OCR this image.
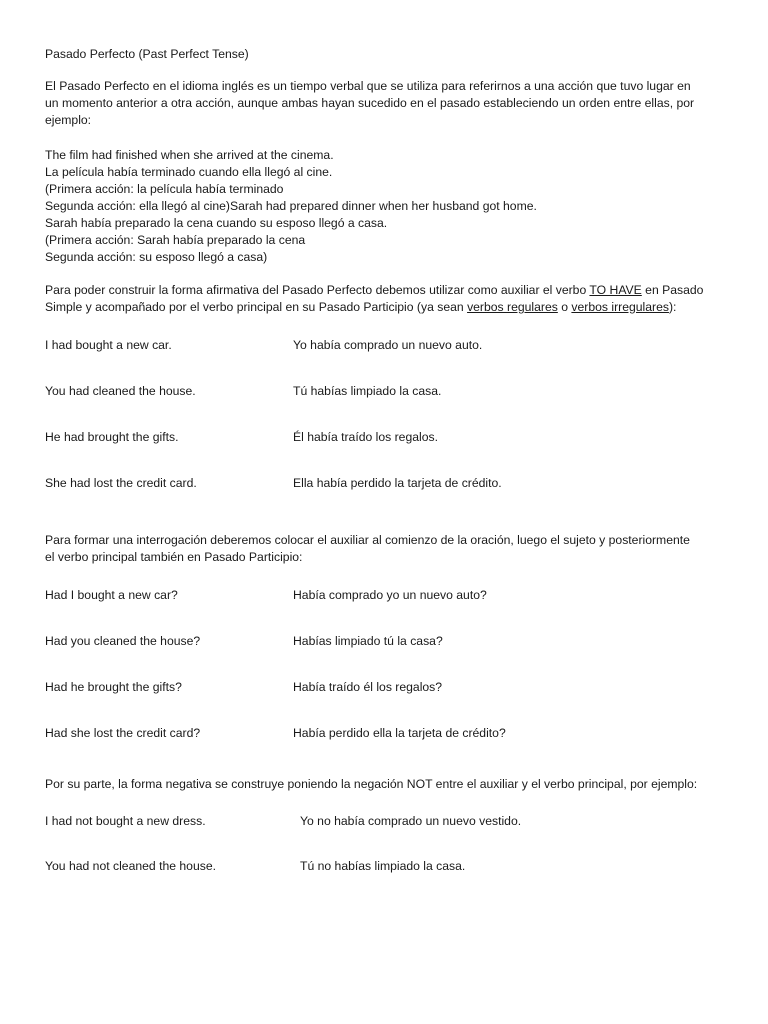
Pasado Perfecto (Past Perfect Tense)
El Pasado Perfecto en el idioma inglés es un tiempo verbal que se utiliza para referirnos a una acción que tuvo lugar en
un momento anterior a otra acción, aunque ambas hayan sucedido en el pasado estableciendo un orden entre ellas, por
ejemplo:
The film had finished when she arrived at the cinema.
La película había terminado cuando ella llegó al cine.
(Primera acción: la película había terminado
Segunda acción: ella llegó al cine)Sarah had prepared dinner when her husband got home.
Sarah había preparado la cena cuando su esposo llegó a casa.
(Primera acción: Sarah había preparado la cena
Segunda acción: su esposo llegó a casa)
Para poder construir la forma afirmativa del Pasado Perfecto debemos utilizar como auxiliar el verbo TO HAVE en Pasado
Simple y acompañado por el verbo principal en su Pasado Participio (ya sean verbos regulares o verbos irregulares):
I had bought a new car.	Yo había comprado un nuevo auto.
You had cleaned the house.	Tú habías limpiado la casa.
He had brought the gifts.	Él había traído los regalos.
She had lost the credit card.	Ella había perdido la tarjeta de crédito.
Para formar una interrogación deberemos colocar el auxiliar al comienzo de la oración, luego el sujeto y posteriormente
el verbo principal también en Pasado Participio:
Had I bought a new car?	Había comprado yo un nuevo auto?
Had you cleaned the house?	Habías limpiado tú la casa?
Had he brought the gifts?	Había traído él los regalos?
Had she lost the credit card?	Había perdido ella la tarjeta de crédito?
Por su parte, la forma negativa se construye poniendo la negación NOT entre el auxiliar y el verbo principal, por ejemplo:
I had not bought a new dress.	Yo no había comprado un nuevo vestido.
You had not cleaned the house.	Tú no habías limpiado la casa.
